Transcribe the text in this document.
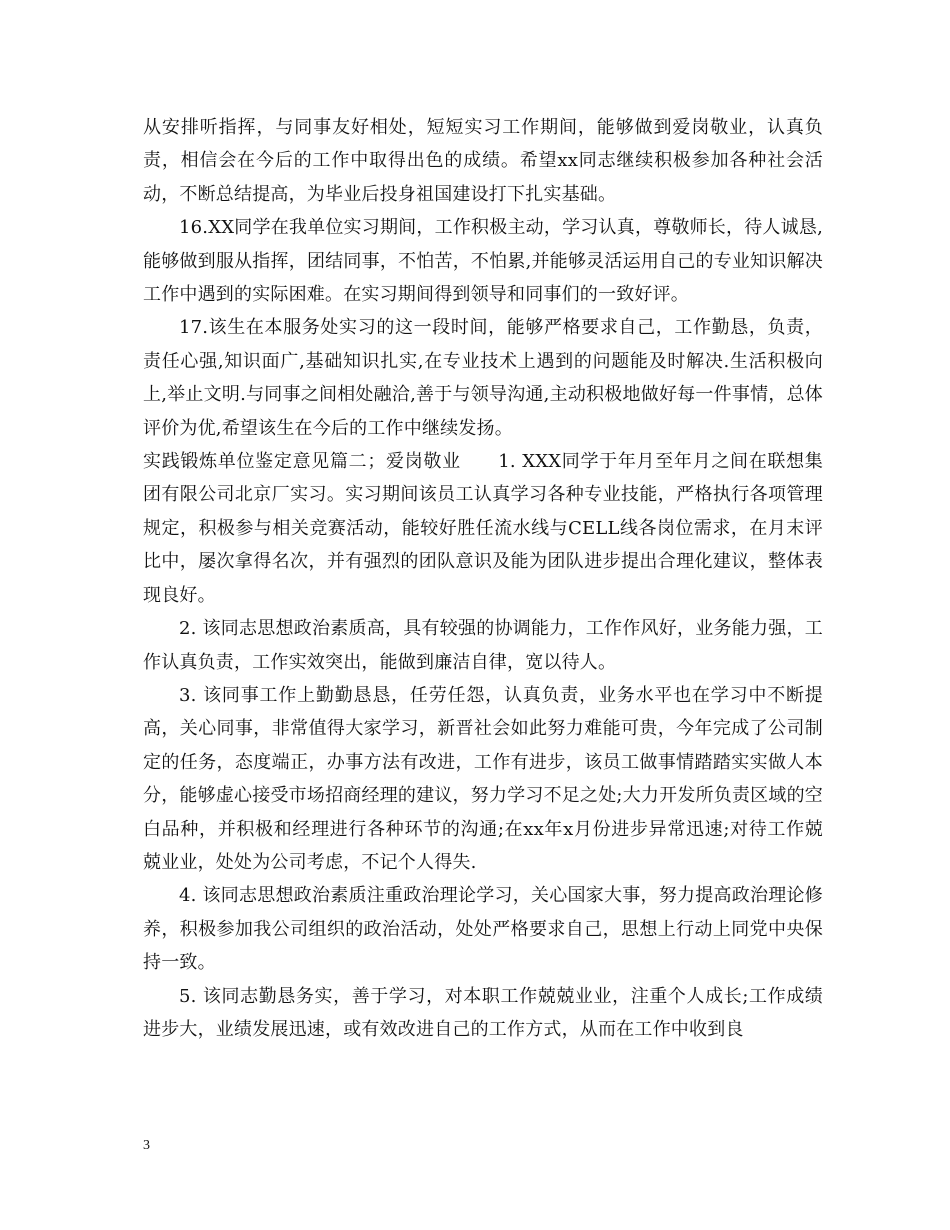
从安排听指挥，与同事友好相处，短短实习工作期间，能够做到爱岗敬业，认真负责，相信会在今后的工作中取得出色的成绩。希望xx同志继续积极参加各种社会活动，不断总结提高，为毕业后投身祖国建设打下扎实基础。

16.XX同学在我单位实习期间，工作积极主动，学习认真，尊敬师长，待人诚恳,能够做到服从指挥，团结同事，不怕苦，不怕累,并能够灵活运用自己的专业知识解决工作中遇到的实际困难。在实习期间得到领导和同事们的一致好评。

17.该生在本服务处实习的这一段时间，能够严格要求自己，工作勤恳，负责，责任心强,知识面广,基础知识扎实,在专业技术上遇到的问题能及时解决.生活积极向上,举止文明.与同事之间相处融洽,善于与领导沟通,主动积极地做好每一件事情，总体评价为优,希望该生在今后的工作中继续发扬。

实践锻炼单位鉴定意见篇二；爱岗敬业　　1. XXX同学于年月至年月之间在联想集团有限公司北京厂实习。实习期间该员工认真学习各种专业技能，严格执行各项管理规定，积极参与相关竞赛活动，能较好胜任流水线与CELL线各岗位需求，在月末评比中，屡次拿得名次，并有强烈的团队意识及能为团队进步提出合理化建议，整体表现良好。

2. 该同志思想政治素质高，具有较强的协调能力，工作作风好，业务能力强，工作认真负责，工作实效突出，能做到廉洁自律，宽以待人。

3. 该同事工作上勤勤恳恳，任劳任怨，认真负责，业务水平也在学习中不断提高，关心同事，非常值得大家学习，新晋社会如此努力难能可贵，今年完成了公司制定的任务，态度端正，办事方法有改进，工作有进步，该员工做事情踏踏实实做人本分，能够虚心接受市场招商经理的建议，努力学习不足之处;大力开发所负责区域的空白品种，并积极和经理进行各种环节的沟通;在xx年x月份进步异常迅速;对待工作兢兢业业，处处为公司考虑，不记个人得失.

4. 该同志思想政治素质注重政治理论学习，关心国家大事，努力提高政治理论修养，积极参加我公司组织的政治活动，处处严格要求自己，思想上行动上同党中央保持一致。

5. 该同志勤恳务实，善于学习，对本职工作兢兢业业，注重个人成长;工作成绩进步大，业绩发展迅速，或有效改进自己的工作方式，从而在工作中收到良

3
